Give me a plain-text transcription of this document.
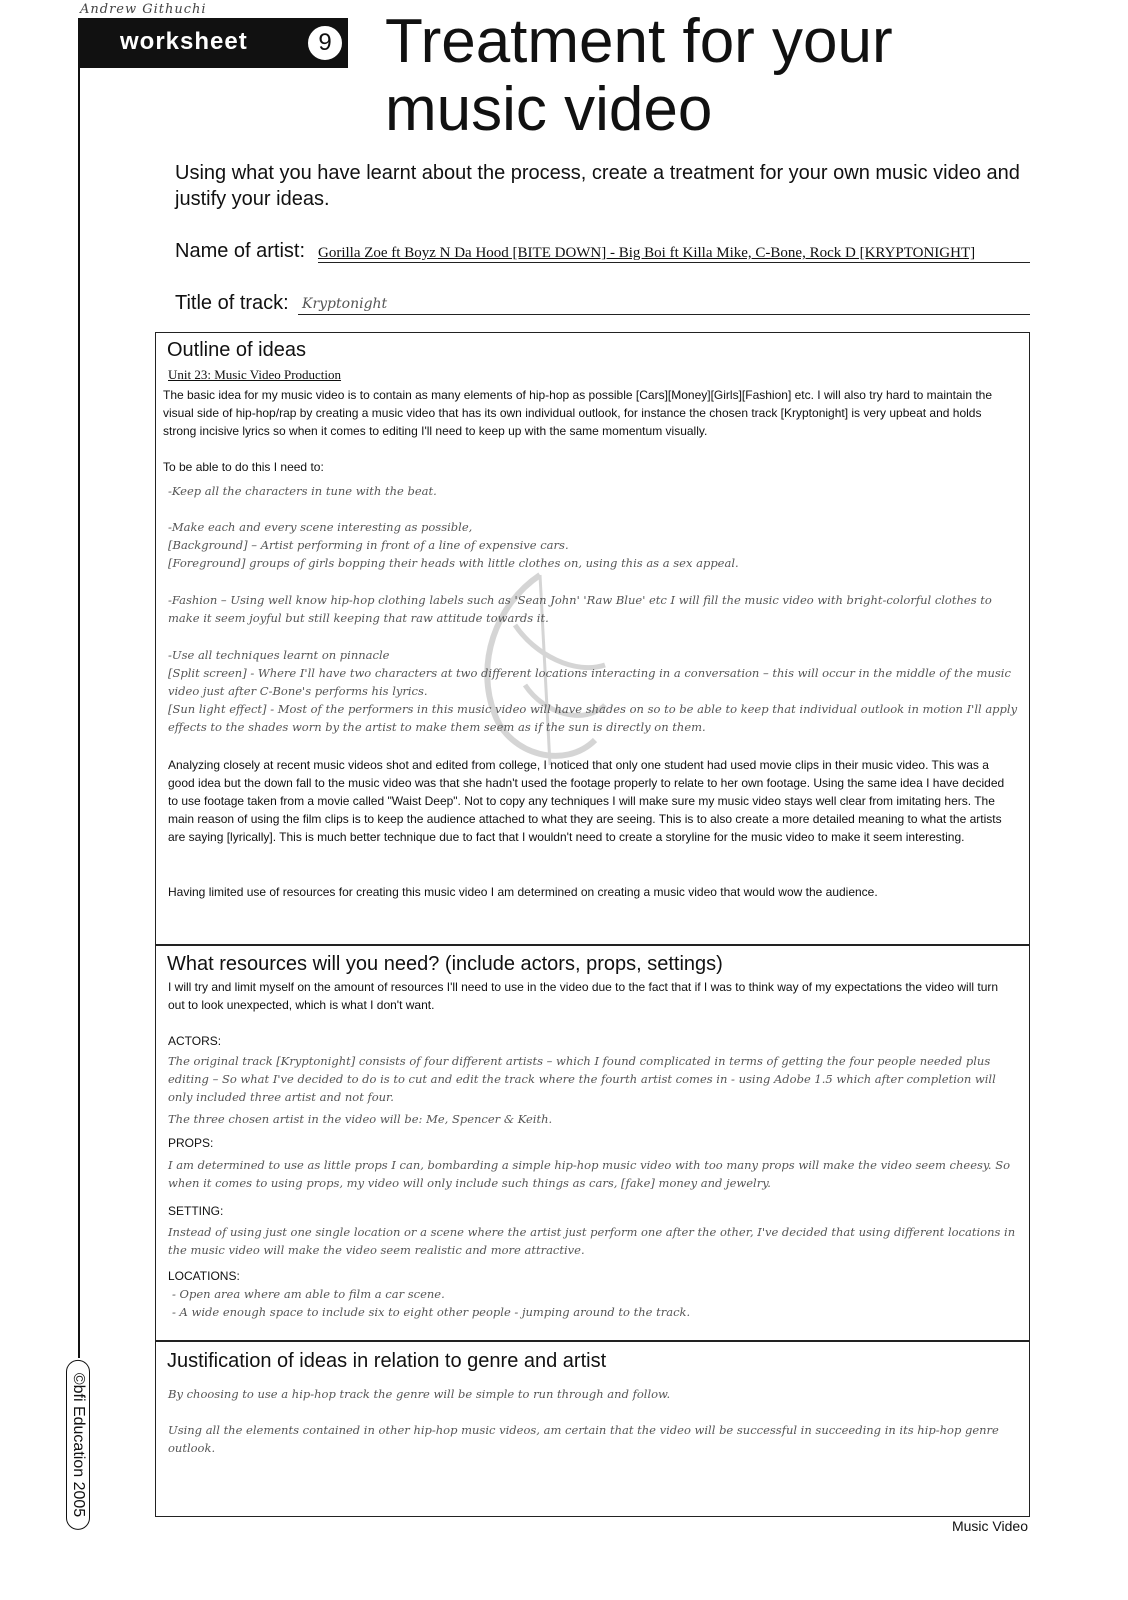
Andrew Githuchi
worksheet	9
©bfi Education 2005
Treatment for your
music video
Using what you have learnt about the process, create a treatment for your own music video and justify your ideas.
Name of artist: Gorilla Zoe ft Boyz N Da Hood [BITE DOWN] - Big Boi ft Killa Mike, C-Bone, Rock D [KRYPTONIGHT]
Title of track: Kryptonight
Outline of ideas
Unit 23: Music Video Production
The basic idea for my music video is to contain as many elements of hip-hop as possible [Cars][Money][Girls][Fashion] etc. I will also try hard to maintain the visual side of hip-hop/rap by creating a music video that has its own individual outlook, for instance the chosen track [Kryptonight] is very upbeat and holds strong incisive lyrics so when it comes to editing I'll need to keep up with the same momentum visually.
To be able to do this I need to:
-Keep all the characters in tune with the beat.
-Make each and every scene interesting as possible,
[Background] – Artist performing in front of a line of expensive cars.
[Foreground] groups of girls bopping their heads with little clothes on, using this as a sex appeal.
-Fashion – Using well know hip-hop clothing labels such as 'Sean John' 'Raw Blue' etc I will fill the music video with bright-colorful clothes to make it seem joyful but still keeping that raw attitude towards it.
-Use all techniques learnt on pinnacle
[Split screen] - Where I'll have two characters at two different locations interacting in a conversation – this will occur in the middle of the music video just after C-Bone's performs his lyrics.
[Sun light effect] - Most of the performers in this music video will have shades on so to be able to keep that individual outlook in motion I'll apply effects to the shades worn by the artist to make them seem as if the sun is directly on them.
Analyzing closely at recent music videos shot and edited from college, I noticed that only one student had used movie clips in their music video. This was a good idea but the down fall to the music video was that she hadn't used the footage properly to relate to her own footage. Using the same idea I have decided to use footage taken from a movie called "Waist Deep". Not to copy any techniques I will make sure my music video stays well clear from imitating hers. The main reason of using the film clips is to keep the audience attached to what they are seeing. This is to also create a more detailed meaning to what the artists are saying [lyrically]. This is much better technique due to fact that I wouldn't need to create a storyline for the music video to make it seem interesting.
Having limited use of resources for creating this music video I am determined on creating a music video that would wow the audience.
What resources will you need? (include actors, props, settings)
I will try and limit myself on the amount of resources I'll need to use in the video due to the fact that if I was to think way of my expectations the video will turn out to look unexpected, which is what I don't want.
ACTORS:
The original track [Kryptonight] consists of four different artists – which I found complicated in terms of getting the four people needed plus editing – So what I've decided to do is to cut and edit the track where the fourth artist comes in - using Adobe 1.5 which after completion will only included three artist and not four.
The three chosen artist in the video will be: Me, Spencer & Keith.
PROPS:
I am determined to use as little props I can, bombarding a simple hip-hop music video with too many props will make the video seem cheesy. So when it comes to using props, my video will only include such things as cars, [fake] money and jewelry.
SETTING:
Instead of using just one single location or a scene where the artist just perform one after the other, I've decided that using different locations in the music video will make the video seem realistic and more attractive.
LOCATIONS:
- Open area where am able to film a car scene.
- A wide enough space to include six to eight other people - jumping around to the track.
Justification of ideas in relation to genre and artist
By choosing to use a hip-hop track the genre will be simple to run through and follow.
Using all the elements contained in other hip-hop music videos, am certain that the video will be successful in succeeding in its hip-hop genre outlook.
Music Video
